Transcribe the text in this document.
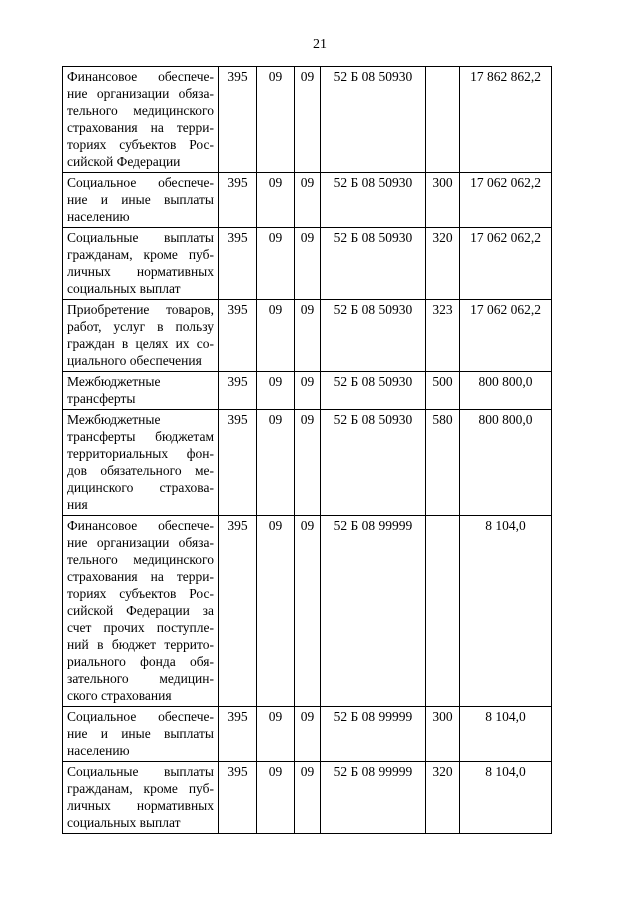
21
Финансовое обеспече- ние организации обяза- тельного медицинского страхования на терри- ториях субъектов Рос- сийской Федерации	395	09	09	52 Б 08 50930		17 862 862,2
Социальное обеспече- ние и иные выплаты населению	395	09	09	52 Б 08 50930	300	17 062 062,2
Социальные выплаты гражданам, кроме пуб- личных нормативных социальных выплат	395	09	09	52 Б 08 50930	320	17 062 062,2
Приобретение товаров, работ, услуг в пользу граждан в целях их со- циального обеспечения	395	09	09	52 Б 08 50930	323	17 062 062,2
Межбюджетные трансферты	395	09	09	52 Б 08 50930	500	800 800,0
Межбюджетные трансферты бюджетам территориальных фон- дов обязательного ме- дицинского страхова- ния	395	09	09	52 Б 08 50930	580	800 800,0
Финансовое обеспече- ние организации обяза- тельного медицинского страхования на терри- ториях субъектов Рос- сийской Федерации за счет прочих поступле- ний в бюджет террито- риального фонда обя- зательного медицин- ского страхования	395	09	09	52 Б 08 99999		8 104,0
Социальное обеспече- ние и иные выплаты населению	395	09	09	52 Б 08 99999	300	8 104,0
Социальные выплаты гражданам, кроме пуб- личных нормативных социальных выплат	395	09	09	52 Б 08 99999	320	8 104,0
